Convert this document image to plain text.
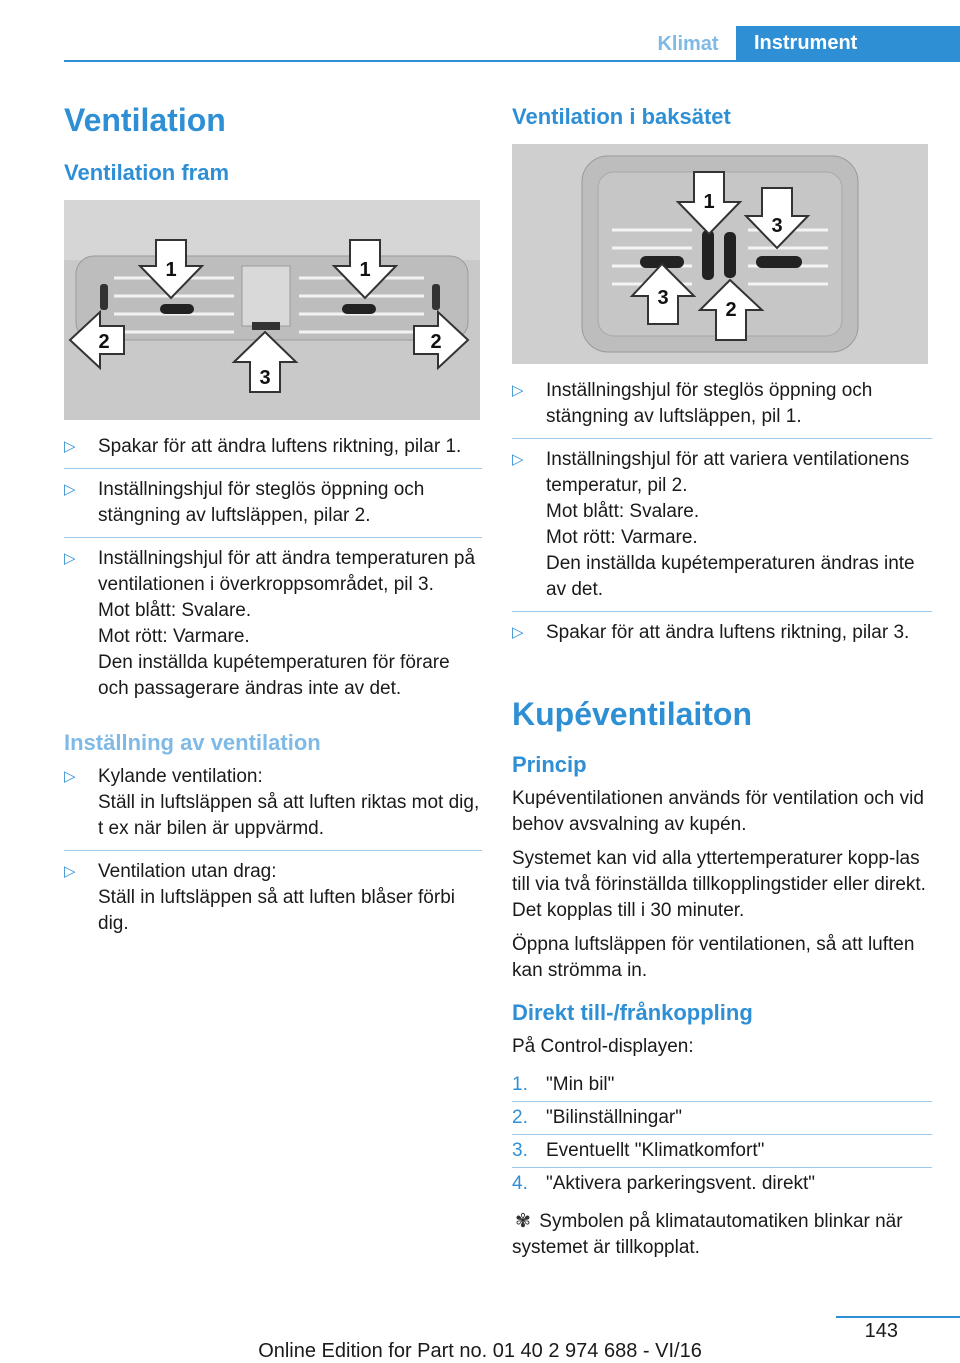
Klimat	Instrument
Ventilation
Ventilation fram
1	1
2	2
3
▷ Spakar för att ändra luftens riktning, pilar 1.

▷ Inställningshjul för steglös öppning och stängning av luftsläppen, pilar 2.

▷ Inställningshjul för att ändra temperaturen på ventilationen i överkroppsområdet, pil 3.

Mot blått: Svalare.

Mot rött: Varmare.

Den inställda kupétemperaturen för förare och passagerare ändras inte av det.

Inställning av ventilation
▷ Kylande ventilation:

Ställ in luftsläppen så att luften riktas mot dig, t ex när bilen är uppvärmd.

▷ Ventilation utan drag:

Ställ in luftsläppen så att luften blåser förbi dig.

Ventilation i baksätet
1
2
3
3
▷ Inställningshjul för steglös öppning och stängning av luftsläppen, pil 1.

▷ Inställningshjul för att variera ventilationens temperatur, pil 2.

Mot blått: Svalare.

Mot rött: Varmare.

Den inställda kupétemperaturen ändras inte av det.

▷ Spakar för att ändra luftens riktning, pilar 3.

Kupéventilaiton
Princip

Kupéventilationen används för ventilation och vid behov avsvalning av kupén.

Systemet kan vid alla yttertemperaturer kopp-las till via två förinställda tillkopplingstider eller direkt. Det kopplas till i 30 minuter.

Öppna luftsläppen för ventilationen, så att luften kan strömma in.

Direkt till-/frånkoppling

På Control-displayen:

1. "Min bil"

2. "Bilinställningar"

3. Eventuellt "Klimatkomfort"

4. "Aktivera parkeringsvent. direkt"

✾ Symbolen på klimatautomatiken blinkar när systemet är tillkopplat.

143
Online Edition for Part no. 01 40 2 974 688 - VI/16
